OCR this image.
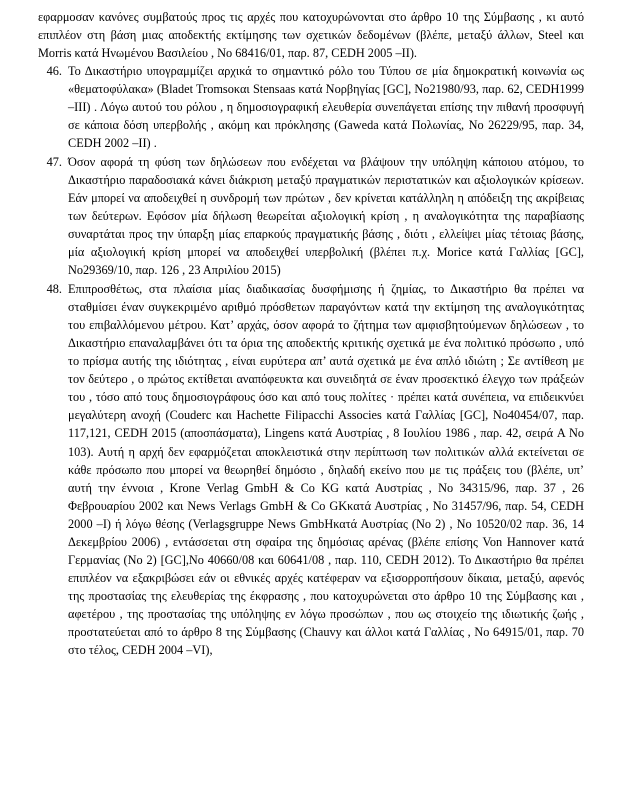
εφαρμοσαν κανόνες συμβατούς προς τις αρχές που κατοχυρώνονται στο άρθρο 10 της Σύμβασης , κι αυτό επιπλέον στη βάση μιας αποδεκτής εκτίμησης των σχετικών δεδομένων (βλέπε, μεταξύ άλλων, Steel και Morris κατά Ηνωμένου Βασιλείου , Νο 68416/01, παρ. 87, CEDH 2005 –II).
46. Το Δικαστήριο υπογραμμίζει αρχικά το σημαντικό ρόλο του Τύπου σε μία δημοκρατική κοινωνία ως «θεματοφύλακα» (Bladet Tromsoκαι Stensaas κατά Νορβηγίας [GC], Νο21980/93, παρ. 62, CEDH1999 –III) . Λόγω αυτού του ρόλου , η δημοσιογραφική ελευθερία συνεπάγεται επίσης την πιθανή προσφυγή σε κάποια δόση υπερβολής , ακόμη και πρόκλησης (Gaweda κατά Πολωνίας, Νο 26229/95, παρ. 34, CEDH 2002 –II) .
47. Όσον αφορά τη φύση των δηλώσεων που ενδέχεται να βλάψουν την υπόληψη κάποιου ατόμου, το Δικαστήριο παραδοσιακά κάνει διάκριση μεταξύ πραγματικών περιστατικών και αξιολογικών κρίσεων. Εάν μπορεί να αποδειχθεί η συνδρομή των πρώτων , δεν κρίνεται κατάλληλη η απόδειξη της ακρίβειας των δεύτερων. Εφόσον μία δήλωση θεωρείται αξιολογική κρίση , η αναλογικότητα της παραβίασης συναρτάται προς την ύπαρξη μίας επαρκούς πραγματικής βάσης , διότι , ελλείψει μίας τέτοιας βάσης, μία αξιολογική κρίση μπορεί να αποδειχθεί υπερβολική (βλέπει π.χ. Morice κατά Γαλλίας [GC], Νο29369/10, παρ. 126 , 23 Απριλίου 2015)
48. Επιπροσθέτως, στα πλαίσια μίας διαδικασίας δυσφήμισης ή ζημίας, το Δικαστήριο θα πρέπει να σταθμίσει έναν συγκεκριμένο αριθμό πρόσθετων παραγόντων κατά την εκτίμηση της αναλογικότητας του επιβαλλόμενου μέτρου. Κατ’ αρχάς, όσον αφορά το ζήτημα των αμφισβητούμενων δηλώσεων , το Δικαστήριο επαναλαμβάνει ότι τα όρια της αποδεκτής κριτικής σχετικά με ένα πολιτικό πρόσωπο , υπό το πρίσμα αυτής της ιδιότητας , είναι ευρύτερα απ’ αυτά σχετικά με ένα απλό ιδιώτη ; Σε αντίθεση με τον δεύτερο , ο πρώτος εκτίθεται αναπόφευκτα και συνειδητά σε έναν προσεκτικό έλεγχο των πράξεών του , τόσο από τους δημοσιογράφους όσο και από τους πολίτες · πρέπει κατά συνέπεια, να επιδεικνύει μεγαλύτερη ανοχή (Couderc και Hachette Filipacchi Associes κατά Γαλλίας [GC], Νο40454/07, παρ. 117,121, CEDH 2015 (αποσπάσματα), Lingens κατά Αυστρίας , 8 Ιουλίου 1986 , παρ. 42, σειρά A No 103). Αυτή η αρχή δεν εφαρμόζεται αποκλειστικά στην περίπτωση των πολιτικών αλλά εκτείνεται σε κάθε πρόσωπο που μπορεί να θεωρηθεί δημόσιο , δηλαδή εκείνο που με τις πράξεις του (βλέπε, υπ’ αυτή την έννοια , Krone Verlag GmbH & Co KG κατά Αυστρίας , Νο 34315/96, παρ. 37 , 26 Φεβρουαρίου 2002 και News Verlags GmbH & Co GKκατά Αυστρίας , Νο 31457/96, παρ. 54, CEDH 2000 –I) ή λόγω θέσης (Verlagsgruppe News GmbHκατά Αυστρίας (Νο 2) , Νο 10520/02 παρ. 36, 14 Δεκεμβρίου 2006) , εντάσσεται στη σφαίρα της δημόσιας αρένας (βλέπε επίσης Von Hannover κατά Γερμανίας (Νο 2) [GC],Νο 40660/08 και 60641/08 , παρ. 110, CEDH 2012). Το Δικαστήριο θα πρέπει επιπλέον να εξακριβώσει εάν οι εθνικές αρχές κατέφεραν να εξισορροπήσουν δίκαια, μεταξύ, αφενός της προστασίας της ελευθερίας της έκφρασης , που κατοχυρώνεται στο άρθρο 10 της Σύμβασης και , αφετέρου , της προστασίας της υπόληψης εν λόγω προσώπων , που ως στοιχείο της ιδιωτικής ζωής , προστατεύεται από το άρθρο 8 της Σύμβασης (Chauvy και άλλοι κατά Γαλλίας , Νο 64915/01, παρ. 70 στο τέλος, CEDH 2004 –VI),
